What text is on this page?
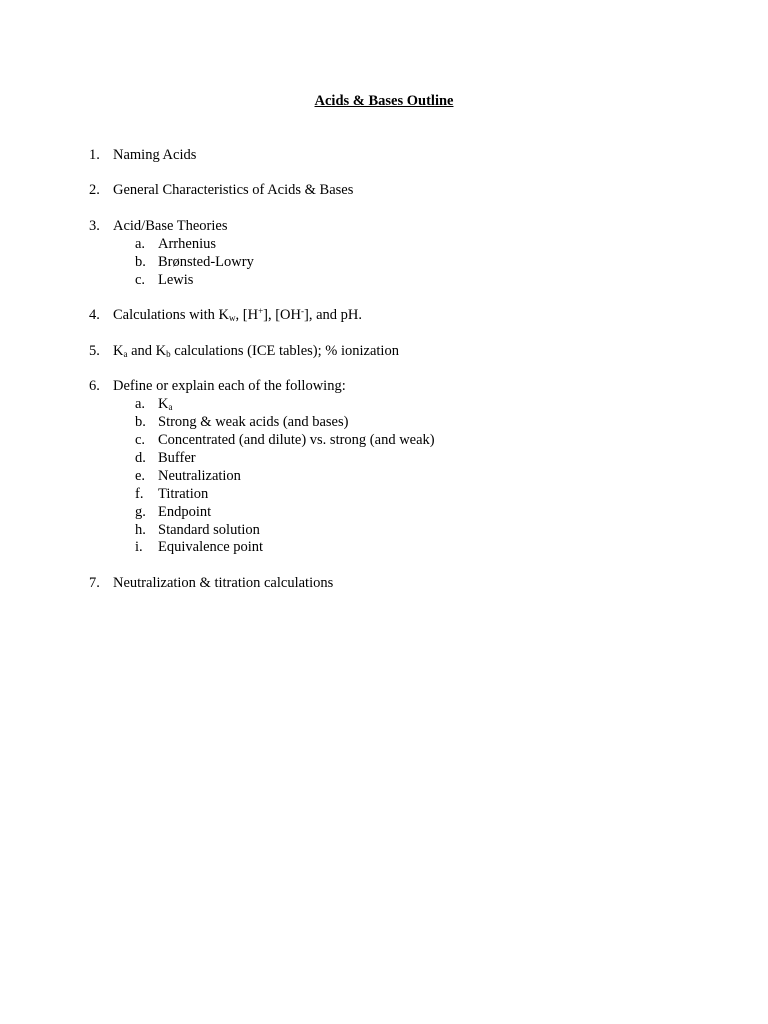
Acids & Bases Outline
1. Naming Acids
2. General Characteristics of Acids & Bases
3. Acid/Base Theories
a. Arrhenius
b. Brønsted-Lowry
c. Lewis
4. Calculations with $K_w$, [H+], [OH-], and pH.
5. $K_a$ and $K_b$ calculations (ICE tables); % ionization
6. Define or explain each of the following:
a. $K_a$
b. Strong & weak acids (and bases)
c. Concentrated (and dilute) vs. strong (and weak)
d. Buffer
e. Neutralization
f. Titration
g. Endpoint
h. Standard solution
i. Equivalence point
7. Neutralization & titration calculations
